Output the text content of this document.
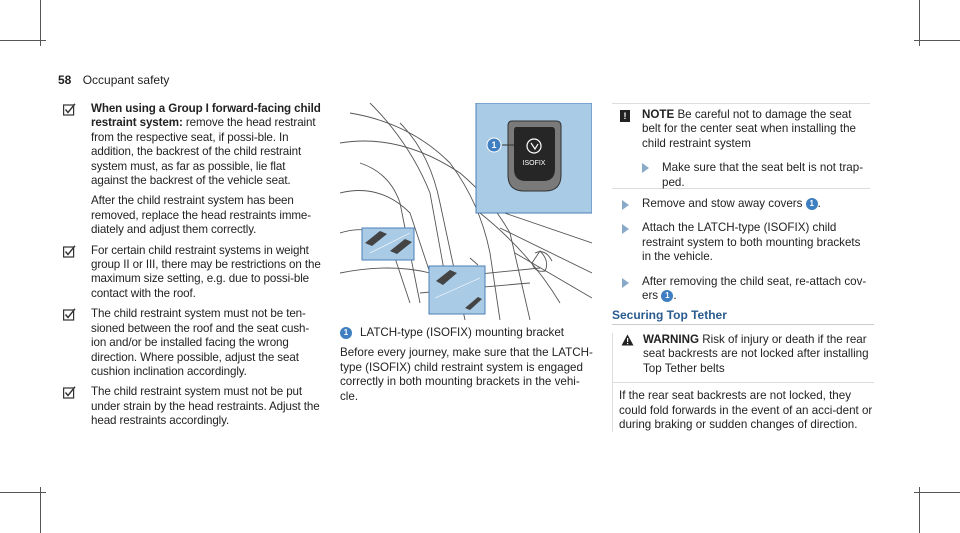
58 Occupant safety

When using a Group I forward-facing child restraint system: remove the head restraint from the respective seat, if possi-ble. In addition, the backrest of the child restraint system must, as far as possible, lie flat against the backrest of the vehicle seat.

After the child restraint system has been removed, replace the head restraints imme-diately and adjust them correctly.

For certain child restraint systems in weight group II or III, there may be restrictions on the maximum size setting, e.g. due to possi-ble contact with the roof.

The child restraint system must not be ten-sioned between the roof and the seat cush-ion and/or be installed facing the wrong direction. Where possible, adjust the seat cushion inclination accordingly.

The child restraint system must not be put under strain by the head restraints. Adjust the head restraints accordingly.

ISOFIX
1

1 LATCH-type (ISOFIX) mounting bracket

Before every journey, make sure that the LATCH-type (ISOFIX) child restraint system is engaged correctly in both mounting brackets in the vehi-cle.

!	NOTE Be careful not to damage the seat belt for the center seat when installing the child restraint system

Make sure that the seat belt is not trap-ped.
Remove and stow away covers 1 .
Attach the LATCH-type (ISOFIX) child restraint system to both mounting brackets in the vehicle.
After removing the child seat, re-attach cov-ers 1 .
Securing Top Tether
WARNING Risk of injury or death if the rear seat backrests are not locked after installing Top Tether belts

If the rear seat backrests are not locked, they could fold forwards in the event of an acci-dent or during braking or sudden changes of direction.
